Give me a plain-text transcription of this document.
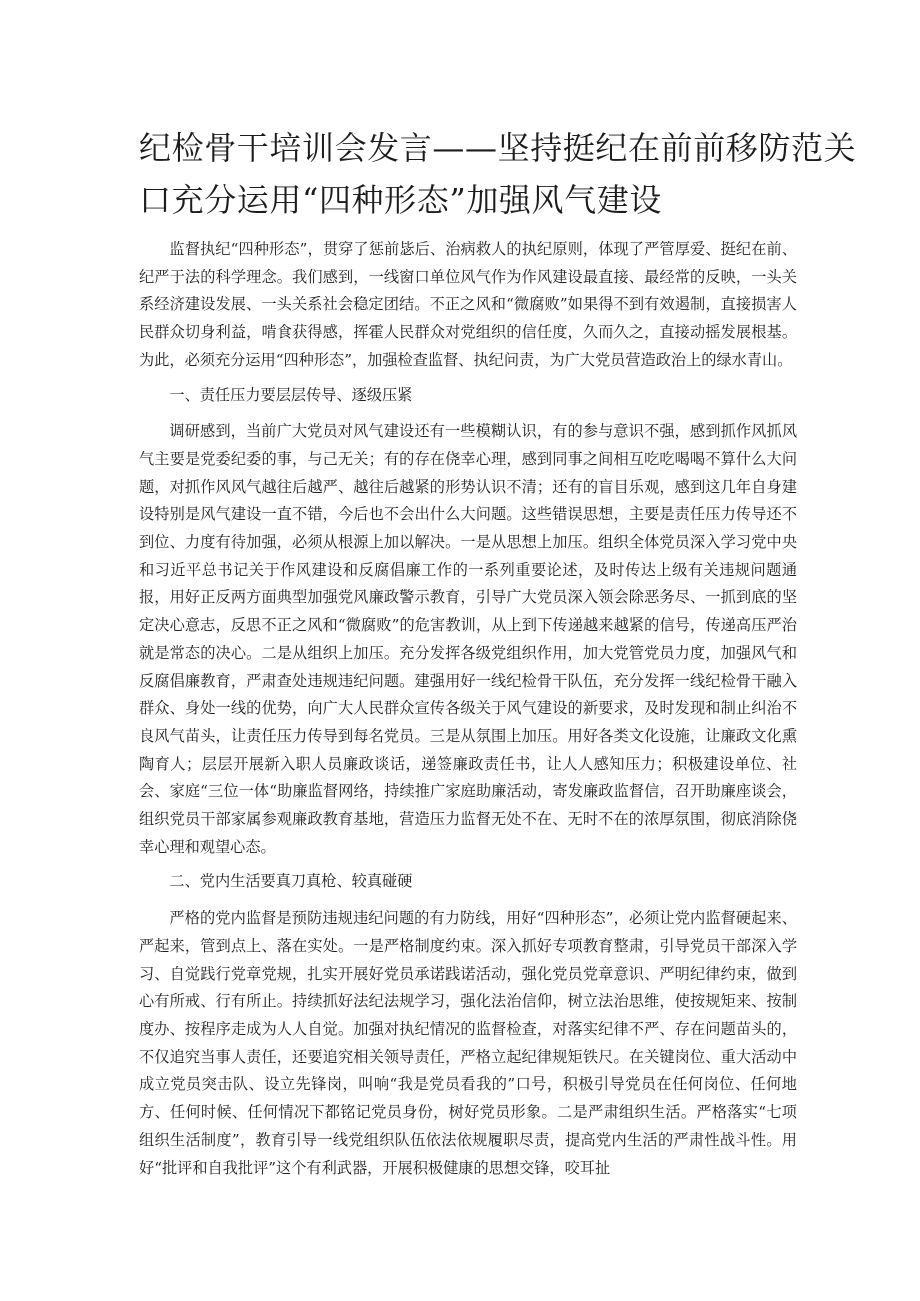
纪检骨干培训会发言——坚持挺纪在前前移防范关
口充分运用“四种形态”加强风气建设

监督执纪“四种形态”，贯穿了惩前毖后、治病救人的执纪原则，体现了严管厚爱、挺纪在前、纪严于法的科学理念。我们感到，一线窗口单位风气作为作风建设最直接、最经常的反映，一头关系经济建设发展、一头关系社会稳定团结。不正之风和“微腐败”如果得不到有效遏制，直接损害人民群众切身利益，啃食获得感，挥霍人民群众对党组织的信任度，久而久之，直接动摇发展根基。为此，必须充分运用“四种形态”，加强检查监督、执纪问责，为广大党员营造政治上的绿水青山。

一、责任压力要层层传导、逐级压紧

调研感到，当前广大党员对风气建设还有一些模糊认识，有的参与意识不强，感到抓作风抓风气主要是党委纪委的事，与己无关；有的存在侥幸心理，感到同事之间相互吃吃喝喝不算什么大问题，对抓作风风气越往后越严、越往后越紧的形势认识不清；还有的盲目乐观，感到这几年自身建设特别是风气建设一直不错，今后也不会出什么大问题。这些错误思想，主要是责任压力传导还不到位、力度有待加强，必须从根源上加以解决。一是从思想上加压。组织全体党员深入学习党中央和习近平总书记关于作风建设和反腐倡廉工作的一系列重要论述，及时传达上级有关违规问题通报，用好正反两方面典型加强党风廉政警示教育，引导广大党员深入领会除恶务尽、一抓到底的坚定决心意志，反思不正之风和“微腐败”的危害教训，从上到下传递越来越紧的信号，传递高压严治就是常态的决心。二是从组织上加压。充分发挥各级党组织作用，加大党管党员力度，加强风气和反腐倡廉教育，严肃查处违规违纪问题。建强用好一线纪检骨干队伍，充分发挥一线纪检骨干融入群众、身处一线的优势，向广大人民群众宣传各级关于风气建设的新要求，及时发现和制止纠治不良风气苗头，让责任压力传导到每名党员。三是从氛围上加压。用好各类文化设施，让廉政文化熏陶育人；层层开展新入职人员廉政谈话，递签廉政责任书，让人人感知压力；积极建设单位、社会、家庭“三位一体“助廉监督网络，持续推广家庭助廉活动，寄发廉政监督信，召开助廉座谈会，组织党员干部家属参观廉政教育基地，营造压力监督无处不在、无时不在的浓厚氛围，彻底消除侥幸心理和观望心态。

二、党内生活要真刀真枪、较真碰硬

严格的党内监督是预防违规违纪问题的有力防线，用好“四种形态”，必须让党内监督硬起来、严起来，管到点上、落在实处。一是严格制度约束。深入抓好专项教育整肃，引导党员干部深入学习、自觉践行党章党规，扎实开展好党员承诺践诺活动，强化党员党章意识、严明纪律约束，做到心有所戒、行有所止。持续抓好法纪法规学习，强化法治信仰，树立法治思维，使按规矩来、按制度办、按程序走成为人人自觉。加强对执纪情况的监督检查，对落实纪律不严、存在问题苗头的，不仅追究当事人责任，还要追究相关领导责任，严格立起纪律规矩铁尺。在关键岗位、重大活动中成立党员突击队、设立先锋岗，叫响“我是党员看我的”口号，积极引导党员在任何岗位、任何地方、任何时候、任何情况下都铭记党员身份，树好党员形象。二是严肃组织生活。严格落实“七项组织生活制度”，教育引导一线党组织队伍依法依规履职尽责，提高党内生活的严肃性战斗性。用好“批评和自我批评”这个有利武器，开展积极健康的思想交锋，咬耳扯
